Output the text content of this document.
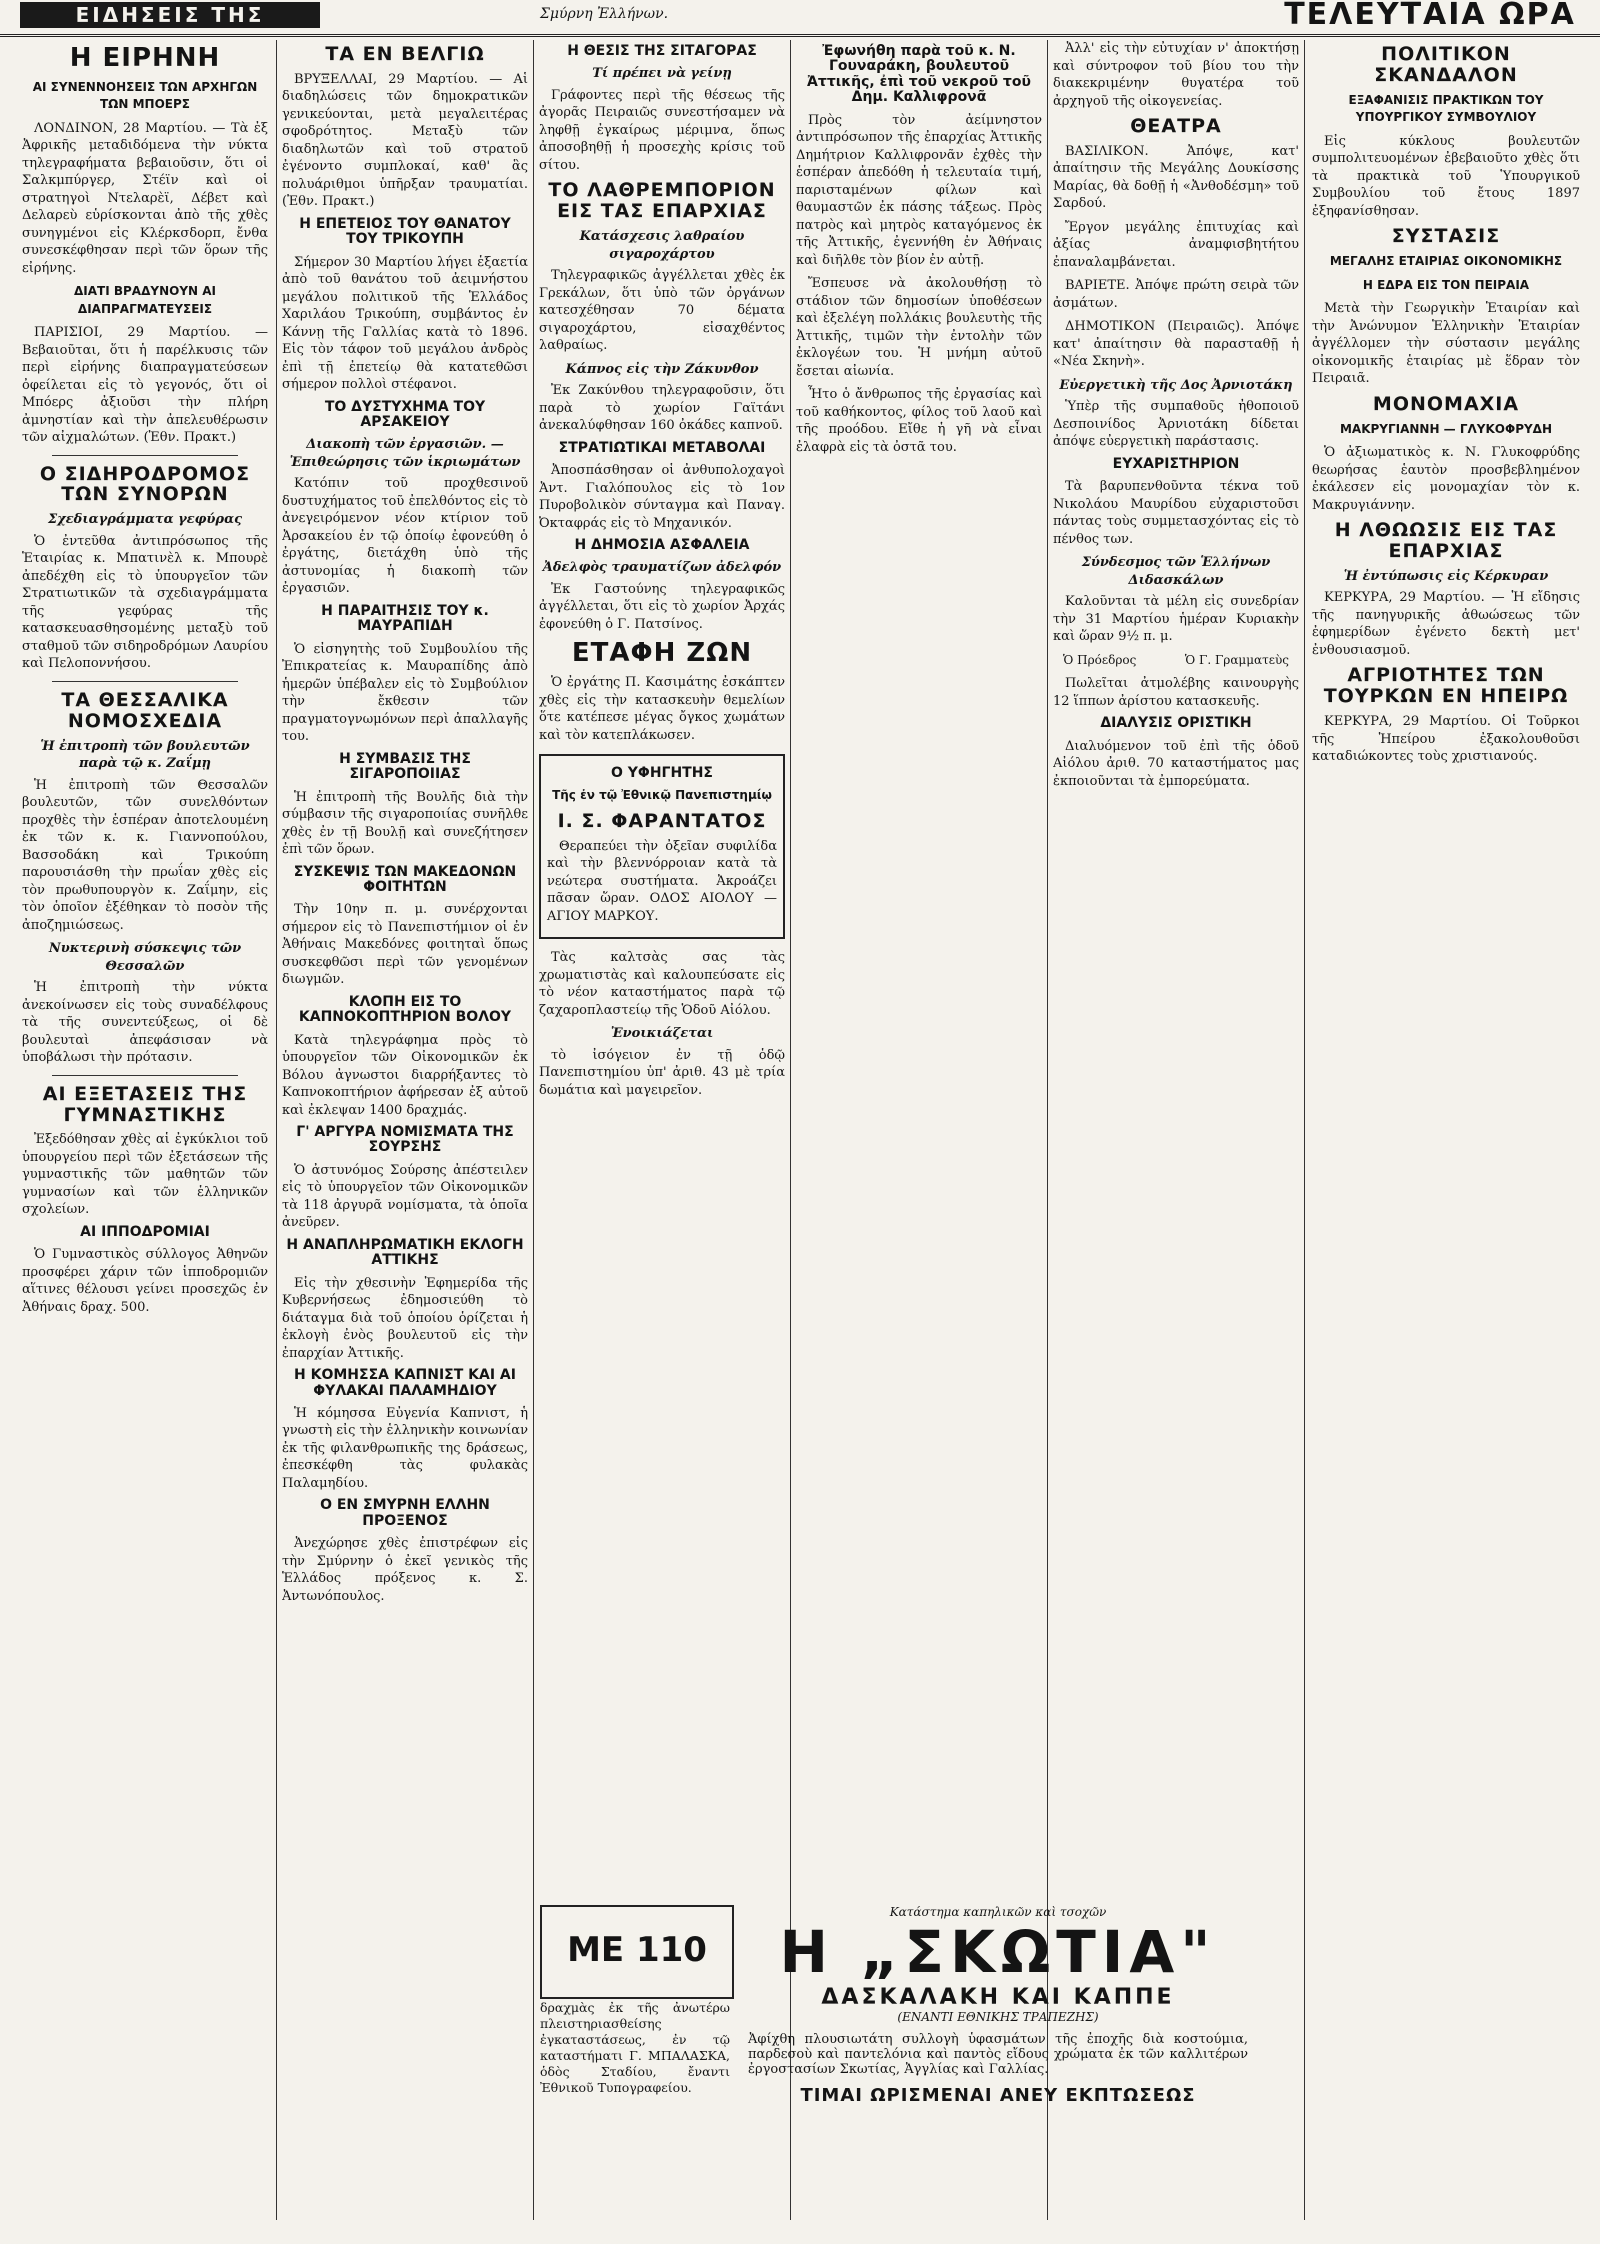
ΕΙΔΗΣΕΙΣ ΤΗΣ	Σμύρνη Ἐλλήνων.	ΤΕΛΕΥΤΑΙΑ ΩΡΑ
Η ΕΙΡΗΝΗ
ΑΙ ΣΥΝΕΝΝΟΗΣΕΙΣ ΤΩΝ ΑΡΧΗΓΩΝ ΤΩΝ ΜΠΟΕΡΣ

ΛΟΝΔΙΝΟΝ, 28 Μαρτίου. — Τὰ ἐξ Ἀφρικῆς μεταδιδόμενα τὴν νύκτα τηλεγραφήματα βεβαιοῦσιν, ὅτι οἱ Σαλκμπύργερ, Στέϊν καὶ οἱ στρατηγοὶ Ντελαρὲϊ, Δέβετ καὶ Δελαρεὺ εὑρίσκονται ἀπὸ τῆς χθὲς συνηγμένοι εἰς Κλέρκσδορπ, ἔνθα συνεσκέφθησαν περὶ τῶν ὅρων τῆς εἰρήνης.

ΔΙΑΤΙ ΒΡΑΔΥΝΟΥΝ ΑΙ ΔΙΑΠΡΑΓΜΑΤΕΥΣΕΙΣ

ΠΑΡΙΣΙΟΙ, 29 Μαρτίου. — Βεβαιοῦται, ὅτι ἡ παρέλκυσις τῶν περὶ εἰρήνης διαπραγματεύσεων ὀφείλεται εἰς τὸ γεγονός, ὅτι οἱ Μπόερς ἀξιοῦσι τὴν πλήρη ἀμνηστίαν καὶ τὴν ἀπελευθέρωσιν τῶν αἰχμαλώτων. (Ἐθν. Πρακτ.)

Ο ΣΙΔΗΡΟΔΡΟΜΟΣ ΤΩΝ ΣΥΝΟΡΩΝ
Σχεδιαγράμματα γεφύρας

Ὁ ἐντεῦθα ἀντιπρόσωπος τῆς Ἑταιρίας κ. Μπατινὲλ κ. Μπουρὲ ἀπεδέχθη εἰς τὸ ὑπουργεῖον τῶν Στρατιωτικῶν τὰ σχεδιαγράμματα τῆς γεφύρας τῆς κατασκευασθησομένης μεταξὺ τοῦ σταθμοῦ τῶν σιδηροδρόμων Λαυρίου καὶ Πελοποννήσου.

ΤΑ ΘΕΣΣΑΛΙΚΑ ΝΟΜΟΣΧΕΔΙΑ
Ἡ ἐπιτροπὴ τῶν βουλευτῶν παρὰ τῷ κ. Ζαΐμῃ

Ἡ ἐπιτροπὴ τῶν Θεσσαλῶν βουλευτῶν, τῶν συνελθόντων προχθὲς τὴν ἑσπέραν ἀποτελουμένη ἐκ τῶν κ. κ. Γιαννοπούλου, Βασσοδάκη καὶ Τρικούπη παρουσιάσθη τὴν πρωΐαν χθὲς εἰς τὸν πρωθυπουργὸν κ. Ζαΐμην, εἰς τὸν ὁποῖον ἐξέθηκαν τὸ ποσὸν τῆς ἀποζημιώσεως.

Νυκτερινὴ σύσκεψις τῶν Θεσσαλῶν

Ἡ ἐπιτροπὴ τὴν νύκτα ἀνεκοίνωσεν εἰς τοὺς συναδέλφους τὰ τῆς συνεντεύξεως, οἱ δὲ βουλευταὶ ἀπεφάσισαν νὰ ὑποβάλωσι τὴν πρότασιν.

ΑΙ ΕΞΕΤΑΣΕΙΣ ΤΗΣ ΓΥΜΝΑΣΤΙΚΗΣ

Ἐξεδόθησαν χθὲς αἱ ἐγκύκλιοι τοῦ ὑπουργείου περὶ τῶν ἐξετάσεων τῆς γυμναστικῆς τῶν μαθητῶν τῶν γυμνασίων καὶ τῶν ἑλληνικῶν σχολείων.

ΑΙ ΙΠΠΟΔΡΟΜΙΑΙ

Ὁ Γυμναστικὸς σύλλογος Ἀθηνῶν προσφέρει χάριν τῶν ἱπποδρομιῶν αἵτινες θέλουσι γείνει προσεχῶς ἐν Ἀθήναις δραχ. 500.

ΤΑ ΕΝ ΒΕΛΓΙΩ

ΒΡΥΞΕΛΛΑΙ, 29 Μαρτίου. — Αἱ διαδηλώσεις τῶν δημοκρατικῶν γενικεύονται, μετὰ μεγαλειτέρας σφοδρότητος. Μεταξὺ τῶν διαδηλωτῶν καὶ τοῦ στρατοῦ ἐγένοντο συμπλοκαί, καθ' ἃς πολυάριθμοι ὑπῆρξαν τραυματίαι. (Ἐθν. Πρακτ.)

Η ΕΠΕΤΕΙΟΣ ΤΟΥ ΘΑΝΑΤΟΥ ΤΟΥ ΤΡΙΚΟΥΠΗ

Σήμερον 30 Μαρτίου λήγει ἑξαετία ἀπὸ τοῦ θανάτου τοῦ ἀειμνήστου μεγάλου πολιτικοῦ τῆς Ἑλλάδος Χαριλάου Τρικούπη, συμβάντος ἐν Κάννῃ τῆς Γαλλίας κατὰ τὸ 1896. Εἰς τὸν τάφον τοῦ μεγάλου ἀνδρὸς ἐπὶ τῇ ἐπετείῳ θὰ κατατεθῶσι σήμερον πολλοὶ στέφανοι.

ΤΟ ΔΥΣΤΥΧΗΜΑ ΤΟΥ ΑΡΣΑΚΕΙΟΥ
Διακοπὴ τῶν ἐργασιῶν. — Ἐπιθεώρησις τῶν ἱκριωμάτων

Κατόπιν τοῦ προχθεσινοῦ δυστυχήματος τοῦ ἐπελθόντος εἰς τὸ ἀνεγειρόμενον νέον κτίριον τοῦ Ἀρσακείου ἐν τῷ ὁποίῳ ἐφονεύθη ὁ ἐργάτης, διετάχθη ὑπὸ τῆς ἀστυνομίας ἡ διακοπὴ τῶν ἐργασιῶν.

Η ΠΑΡΑΙΤΗΣΙΣ ΤΟΥ κ. ΜΑΥΡΑΠΙΔΗ

Ὁ εἰσηγητὴς τοῦ Συμβουλίου τῆς Ἐπικρατείας κ. Μαυραπίδης ἀπὸ ἡμερῶν ὑπέβαλεν εἰς τὸ Συμβούλιον τὴν ἔκθεσιν τῶν πραγματογνωμόνων περὶ ἀπαλλαγῆς του.

Η ΣΥΜΒΑΣΙΣ ΤΗΣ ΣΙΓΑΡΟΠΟΙΙΑΣ

Ἡ ἐπιτροπὴ τῆς Βουλῆς διὰ τὴν σύμβασιν τῆς σιγαροποιίας συνῆλθε χθὲς ἐν τῇ Βουλῇ καὶ συνεζήτησεν ἐπὶ τῶν ὅρων.

ΣΥΣΚΕΨΙΣ ΤΩΝ ΜΑΚΕΔΟΝΩΝ ΦΟΙΤΗΤΩΝ

Τὴν 10ην π. μ. συνέρχονται σήμερον εἰς τὸ Πανεπιστήμιον οἱ ἐν Ἀθήναις Μακεδόνες φοιτηταὶ ὅπως συσκεφθῶσι περὶ τῶν γενομένων διωγμῶν.

ΚΛΟΠΗ ΕΙΣ ΤΟ ΚΑΠΝΟΚΟΠΤΗΡΙΟΝ ΒΟΛΟΥ

Κατὰ τηλεγράφημα πρὸς τὸ ὑπουργεῖον τῶν Οἰκονομικῶν ἐκ Βόλου ἀγνωστοι διαρρήξαντες τὸ Καπνοκοπτήριον ἀφήρεσαν ἐξ αὐτοῦ καὶ ἐκλεψαν 1400 δραχμάς.

Γ' ΑΡΓΥΡΑ ΝΟΜΙΣΜΑΤΑ ΤΗΣ ΣΟΥΡΣΗΣ

Ὁ ἀστυνόμος Σούρσης ἀπέστειλεν εἰς τὸ ὑπουργεῖον τῶν Οἰκονομικῶν τὰ 118 ἀργυρᾶ νομίσματα, τὰ ὁποῖα ἀνεῦρεν.

Η ΑΝΑΠΛΗΡΩΜΑΤΙΚΗ ΕΚΛΟΓΗ ΑΤΤΙΚΗΣ

Εἰς τὴν χθεσινὴν Ἐφημερίδα τῆς Κυβερνήσεως ἐδημοσιεύθη τὸ διάταγμα διὰ τοῦ ὁποίου ὁρίζεται ἡ ἐκλογὴ ἐνὸς βουλευτοῦ εἰς τὴν ἐπαρχίαν Ἀττικῆς.

Η ΚΟΜΗΣΣΑ ΚΑΠΝΙΣΤ ΚΑΙ ΑΙ ΦΥΛΑΚΑΙ ΠΑΛΑΜΗΔΙΟΥ

Ἡ κόμησσα Εὐγενία Καπνιστ, ἡ γνωστὴ εἰς τὴν ἑλληνικὴν κοινωνίαν ἐκ τῆς φιλανθρωπικῆς της δράσεως, ἐπεσκέφθη τὰς φυλακὰς Παλαμηδίου.

Ο ΕΝ ΣΜΥΡΝΗ ΕΛΛΗΝ ΠΡΟΞΕΝΟΣ

Ἀνεχώρησε χθὲς ἐπιστρέφων εἰς τὴν Σμύρνην ὁ ἐκεῖ γενικὸς τῆς Ἑλλάδος πρόξενος κ. Σ. Ἀντωνόπουλος.

Η ΘΕΣΙΣ ΤΗΣ ΣΙΤΑΓΟΡΑΣ
Τί πρέπει νὰ γείνῃ

Γράφοντες περὶ τῆς θέσεως τῆς ἀγορᾶς Πειραιῶς συνεστήσαμεν νὰ ληφθῇ ἐγκαίρως μέριμνα, ὅπως ἀποσοβηθῇ ἡ προσεχὴς κρίσις τοῦ σίτου.

ΤΟ ΛΑΘΡΕΜΠΟΡΙΟΝ ΕΙΣ ΤΑΣ ΕΠΑΡΧΙΑΣ
Κατάσχεσις λαθραίου σιγαροχάρτου

Τηλεγραφικῶς ἀγγέλλεται χθὲς ἐκ Γρεκάλων, ὅτι ὑπὸ τῶν ὀργάνων κατεσχέθησαν 70 δέματα σιγαροχάρτου, εἰσαχθέντος λαθραίως.

Κάπνος εἰς τὴν Ζάκυνθον

Ἐκ Ζακύνθου τηλεγραφοῦσιν, ὅτι παρὰ τὸ χωρίον Γαϊτάνι ἀνεκαλύφθησαν 160 ὀκάδες καπνοῦ.

ΣΤΡΑΤΙΩΤΙΚΑΙ ΜΕΤΑΒΟΛΑΙ

Ἀποσπάσθησαν οἱ ἀνθυπολοχαγοὶ Ἀντ. Γιαλόπουλος εἰς τὸ 1ον Πυροβολικὸν σύνταγμα καὶ Παναγ. Ὀκταφράς εἰς τὸ Μηχανικόν.

Η ΔΗΜΟΣΙΑ ΑΣΦΑΛΕΙΑ
Ἀδελφὸς τραυματίζων ἀδελφόν

Ἐκ Γαστούνης τηλεγραφικῶς ἀγγέλλεται, ὅτι εἰς τὸ χωρίον Ἀρχάς ἐφονεύθη ὁ Γ. Πατσίνος.

ΕΤΑΦΗ ΖΩΝ

Ὁ ἐργάτης Π. Κασιμάτης ἐσκάπτεν χθὲς εἰς τὴν κατασκευὴν θεμελίων ὅτε κατέπεσε μέγας ὄγκος χωμάτων καὶ τὸν κατεπλάκωσεν.

Ο ΥΦΗΓΗΤΗΣ
Τῆς ἐν τῷ Ἐθνικῷ Πανεπιστημίῳ
Ι. Σ. ΦΑΡΑΝΤΑΤΟΣ

Θεραπεύει τὴν ὀξεῖαν συφιλίδα καὶ τὴν βλεννόρροιαν κατὰ τὰ νεώτερα συστήματα. Ἀκροάζει πᾶσαν ὥραν. ΟΔΟΣ ΑΙΟΛΟΥ — ΑΓΙΟΥ ΜΑΡΚΟΥ.

Τὰς καλτσὰς σας τὰς χρωματιστὰς καὶ καλουπεύσατε εἰς τὸ νέον καταστήματος παρὰ τῷ ζαχαροπλαστείῳ τῆς Ὁδοῦ Αἰόλου.

Ἐνοικιάζεται

τὸ ἰσόγειον ἐν τῇ ὁδῷ Πανεπιστημίου ὑπ' ἀριθ. 43 μὲ τρία δωμάτια καὶ μαγειρεῖον.

Ἐφωνήθη παρὰ τοῦ κ. Ν. Γουναράκη, βουλευτοῦ Ἀττικῆς, ἐπὶ τοῦ νεκροῦ τοῦ Δημ. Καλλιφρονᾶ

Πρὸς τὸν ἀείμνηστον ἀντιπρόσωπον τῆς ἐπαρχίας Ἀττικῆς Δημήτριον Καλλιφρονᾶν ἐχθὲς τὴν ἑσπέραν ἀπεδόθη ἡ τελευταία τιμή, παρισταμένων φίλων καὶ θαυμαστῶν ἐκ πάσης τάξεως. Πρὸς πατρὸς καὶ μητρὸς καταγόμενος ἐκ τῆς Ἀττικῆς, ἐγεννήθη ἐν Ἀθήναις καὶ διῆλθε τὸν βίον ἐν αὐτῇ.

Ἔσπευσε νὰ ἀκολουθήσῃ τὸ στάδιον τῶν δημοσίων ὑποθέσεων καὶ ἐξελέγη πολλάκις βουλευτὴς τῆς Ἀττικῆς, τιμῶν τὴν ἐντολὴν τῶν ἐκλογέων του. Ἡ μνήμη αὐτοῦ ἔσεται αἰωνία.

Ἦτο ὁ ἄνθρωπος τῆς ἐργασίας καὶ τοῦ καθήκοντος, φίλος τοῦ λαοῦ καὶ τῆς προόδου. Εἴθε ἡ γῆ νὰ εἶναι ἐλαφρὰ εἰς τὰ ὀστᾶ του.

Ἀλλ' εἰς τὴν εὐτυχίαν ν' ἀποκτήσῃ καὶ σύντροφον τοῦ βίου του τὴν διακεκριμένην θυγατέρα τοῦ ἀρχηγοῦ τῆς οἰκογενείας.

ΘΕΑΤΡΑ

ΒΑΣΙΛΙΚΟΝ. Ἀπόψε, κατ' ἀπαίτησιν τῆς Μεγάλης Δουκίσσης Μαρίας, θὰ δοθῇ ἡ «Ἀνθοδέσμη» τοῦ Σαρδού.

Ἔργον μεγάλης ἐπιτυχίας καὶ ἀξίας ἀναμφισβητήτου ἐπαναλαμβάνεται.

ΒΑΡΙΕΤΕ. Ἀπόψε πρώτη σειρὰ τῶν ἀσμάτων.

ΔΗΜΟΤΙΚΟΝ (Πειραιῶς). Ἀπόψε κατ' ἀπαίτησιν θὰ παρασταθῇ ἡ «Νέα Σκηνὴ».

Εὐεργετικὴ τῆς Δος Ἀρνιοτάκη

Ὑπὲρ τῆς συμπαθοῦς ἠθοποιοῦ Δεσποινίδος Ἀρνιοτάκη δίδεται ἀπόψε εὐεργετικὴ παράστασις.

ΕΥΧΑΡΙΣΤΗΡΙΟΝ

Τὰ βαρυπενθοῦντα τέκνα τοῦ Νικολάου Μαυρίδου εὐχαριστοῦσι πάντας τοὺς συμμετασχόντας εἰς τὸ πένθος των.

Σύνδεσμος τῶν Ἑλλήνων Διδασκάλων

Καλοῦνται τὰ μέλη εἰς συνεδρίαν τὴν 31 Μαρτίου ἡμέραν Κυριακὴν καὶ ὥραν 9½ π. μ.

Ὁ Πρόεδρος	Ὁ Γ. Γραμματεὺς

Πωλεῖται ἀτμολέβης καινουργὴς 12 ἵππων ἀρίστου κατασκευῆς.

ΔΙΑΛΥΣΙΣ ΟΡΙΣΤΙΚΗ

Διαλυόμενον τοῦ ἐπὶ τῆς ὁδοῦ Αἰόλου ἀριθ. 70 καταστήματος μας ἐκποιοῦνται τὰ ἐμπορεύματα.

ΠΟΛΙΤΙΚΟΝ ΣΚΑΝΔΑΛΟΝ
ΕΞΑΦΑΝΙΣΙΣ ΠΡΑΚΤΙΚΩΝ ΤΟΥ ΥΠΟΥΡΓΙΚΟΥ ΣΥΜΒΟΥΛΙΟΥ

Εἰς κύκλους βουλευτῶν συμπολιτευομένων ἐβεβαιοῦτο χθὲς ὅτι τὰ πρακτικὰ τοῦ Ὑπουργικοῦ Συμβουλίου τοῦ ἔτους 1897 ἐξηφανίσθησαν.

ΣΥΣΤΑΣΙΣ
ΜΕΓΑΛΗΣ ΕΤΑΙΡΙΑΣ ΟΙΚΟΝΟΜΙΚΗΣ
Η ΕΔΡΑ ΕΙΣ ΤΟΝ ΠΕΙΡΑΙΑ

Μετὰ τὴν Γεωργικὴν Ἑταιρίαν καὶ τὴν Ἀνώνυμον Ἑλληνικὴν Ἑταιρίαν ἀγγέλλομεν τὴν σύστασιν μεγάλης οἰκονομικῆς ἑταιρίας μὲ ἕδραν τὸν Πειραιᾶ.

ΜΟΝΟΜΑΧΙΑ
ΜΑΚΡΥΓΙΑΝΝΗ — ΓΛΥΚΟΦΡΥΔΗ

Ὁ ἀξιωματικὸς κ. Ν. Γλυκοφρύδης θεωρήσας ἑαυτὸν προσβεβλημένον ἐκάλεσεν εἰς μονομαχίαν τὸν κ. Μακρυγιάννην.

Η ΛΘΩΩΣΙΣ ΕΙΣ ΤΑΣ ΕΠΑΡΧΙΑΣ
Ἡ ἐντύπωσις εἰς Κέρκυραν

ΚΕΡΚΥΡΑ, 29 Μαρτίου. — Ἡ εἴδησις τῆς πανηγυρικῆς ἀθωώσεως τῶν ἐφημερίδων ἐγένετο δεκτὴ μετ' ἐνθουσιασμοῦ.

ΑΓΡΙΟΤΗΤΕΣ ΤΩΝ ΤΟΥΡΚΩΝ ΕΝ ΗΠΕΙΡΩ

ΚΕΡΚΥΡΑ, 29 Μαρτίου. Οἱ Τοῦρκοι τῆς Ἠπείρου ἐξακολουθοῦσι καταδιώκοντες τοὺς χριστιανούς.

ΜΕ 110
δραχμὰς ἐκ τῆς ἀνωτέρω πλειστηριασθείσης ἐγκαταστάσεως, ἐν τῷ καταστήματι Γ. ΜΠΑΛΑΣΚΑ, ὁδὸς Σταδίου, ἔναντι Ἐθνικοῦ Τυπογραφείου.
Κατάστημα καπηλικῶν καὶ τσοχῶν
Η „ΣΚΩΤΙΑ"
ΔΑΣΚΑΛΑΚΗ ΚΑΙ ΚΑΠΠΕ
(ΕΝΑΝΤΙ ΕΘΝΙΚΗΣ ΤΡΑΠΕΖΗΣ)
Ἀφίχθη πλουσιωτάτη συλλογὴ ὑφασμάτων τῆς ἐποχῆς διὰ κοστούμια, παρδεσοὺ καὶ παντελόνια καὶ παντὸς εἴδους χρώματα ἐκ τῶν καλλιτέρων ἐργοστασίων Σκωτίας, Ἀγγλίας καὶ Γαλλίας.
ΤΙΜΑΙ ΩΡΙΣΜΕΝΑΙ ΑΝΕΥ ΕΚΠΤΩΣΕΩΣ
